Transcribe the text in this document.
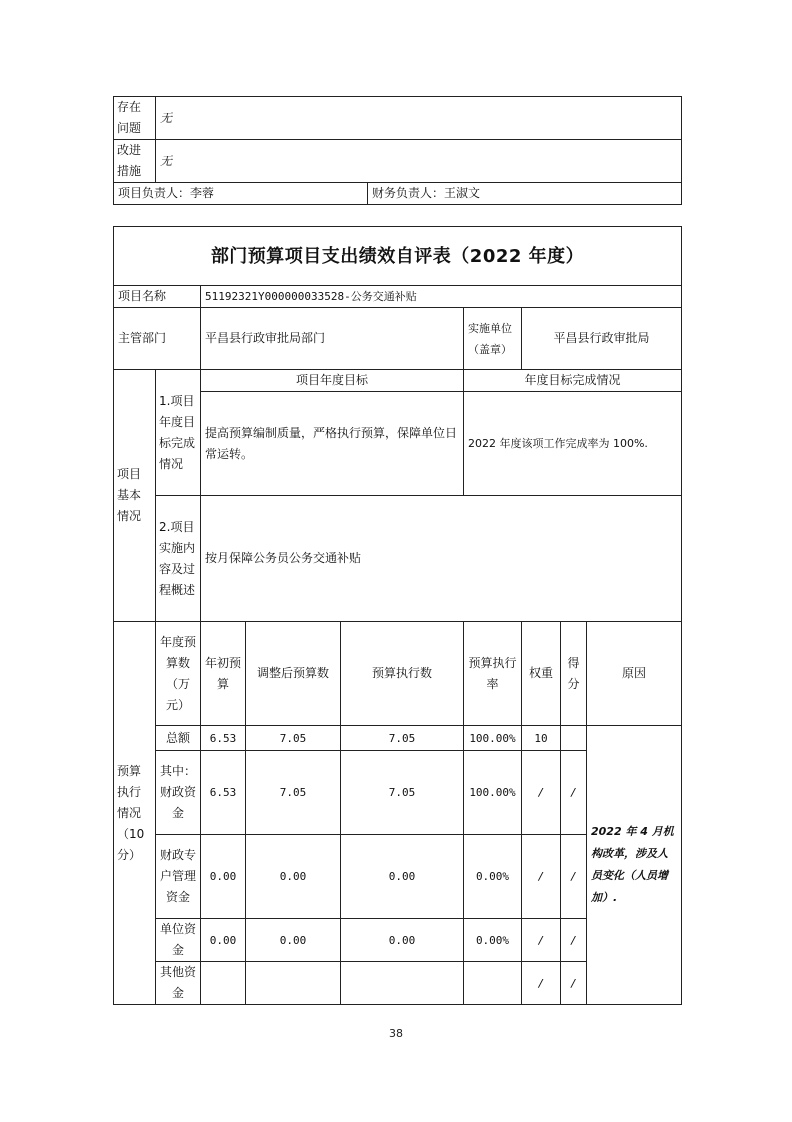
存在问题	无	
改进措施	无	
项目负责人：李蓉		财务负责人：王淑文
部门预算项目支出绩效自评表（2022 年度）								
项目名称		51192321Y000000033528-公务交通补贴						
主管部门		平昌县行政审批局部门			实施单位（盖章）	平昌县行政审批局		
项目基本情况	1.项目年度目标完成情况	项目年度目标			年度目标完成情况			
		提高预算编制质量，严格执行预算，保障单位日常运转。			2022 年度该项工作完成率为 100%.			
	2.项目实施内容及过程概述	按月保障公务员公务交通补贴						
预算执行情况（10分）	年度预算数（万元）	年初预算	调整后预算数	预算执行数	预算执行率	权重	得分	原因
	总额	6.53	7.05	7.05	100.00%	10		2022 年 4 月机构改革，涉及人员变化（人员增加）.
	其中：财政资金	6.53	7.05	7.05	100.00%	/	/	
	财政专户管理资金	0.00	0.00	0.00	0.00%	/	/	
	单位资金	0.00	0.00	0.00	0.00%	/	/	
	其他资金					/	/	
38
